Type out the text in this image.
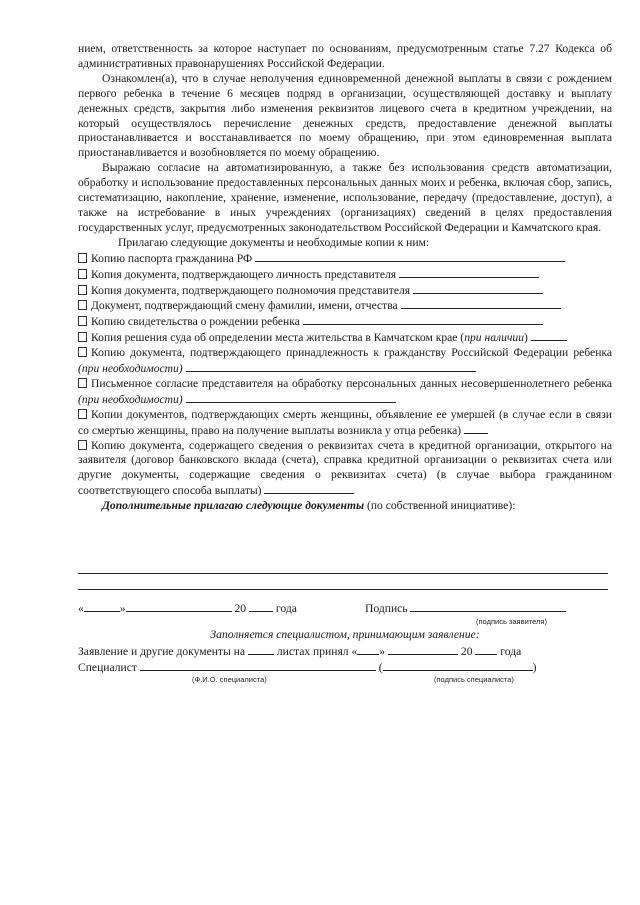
нием, ответственность за которое наступает по основаниям, предусмотренным статье 7.27 Кодекса об административных правонарушениях Российской Федерации.

Ознакомлен(а), что в случае неполучения единовременной денежной выплаты в связи с рождением первого ребенка в течение 6 месяцев подряд в организации, осуществляющей доставку и выплату денежных средств, закрытия либо изменения реквизитов лицевого счета в кредитном учреждении, на который осуществлялось перечисление денежных средств, предоставление денежной выплаты приостанавливается и восстанавливается по моему обращению, при этом единовременная выплата приостанавливается и возобновляется по моему обращению.

Выражаю согласие на автоматизированную, а также без использования средств автоматизации, обработку и использование предоставленных персональных данных моих и ребенка, включая сбор, запись, систематизацию, накопление, хранение, изменение, использование, передачу (предоставление, доступ), а также на истребование в иных учреждениях (организациях) сведений в целях предоставления государственных услуг, предусмотренных законодательством Российской Федерации и Камчатского края.

Прилагаю следующие документы и необходимые копии к ним:

Копию паспорта гражданина РФ

Копия документа, подтверждающего личность представителя

Копия документа, подтверждающего полномочия представителя

Документ, подтверждающий смену фамилии, имени, отчества

Копию свидетельства о рождении ребенка

Копия решения суда об определении места жительства в Камчатском крае (при наличии)

Копию документа, подтверждающего принадлежность к гражданству Российской Федерации ребенка (при необходимости)

Письменное согласие представителя на обработку персональных данных несовершеннолетнего ребенка (при необходимости)

Копии документов, подтверждающих смерть женщины, объявление ее умершей (в случае если в связи со смертью женщины, право на получение выплаты возникла у отца ребенка)

Копию документа, содержащего сведения о реквизитах счета в кредитной организации, открытого на заявителя (договор банковского вклада (счета), справка кредитной организации о реквизитах счета или другие документы, содержащие сведения о реквизитах счета) (в случае выбора гражданином соответствующего способа выплаты)

Дополнительные прилагаю следующие документы (по собственной инициативе):

«	»	20	года	Подпись
(подпись заявителя)
Заполняется специалистом, принимающим заявление:
Заявление и другие документы на	листах принял « »	20 года
Специалист	(	)
(Ф.И.О. специалиста)	(подпись специалиста)
